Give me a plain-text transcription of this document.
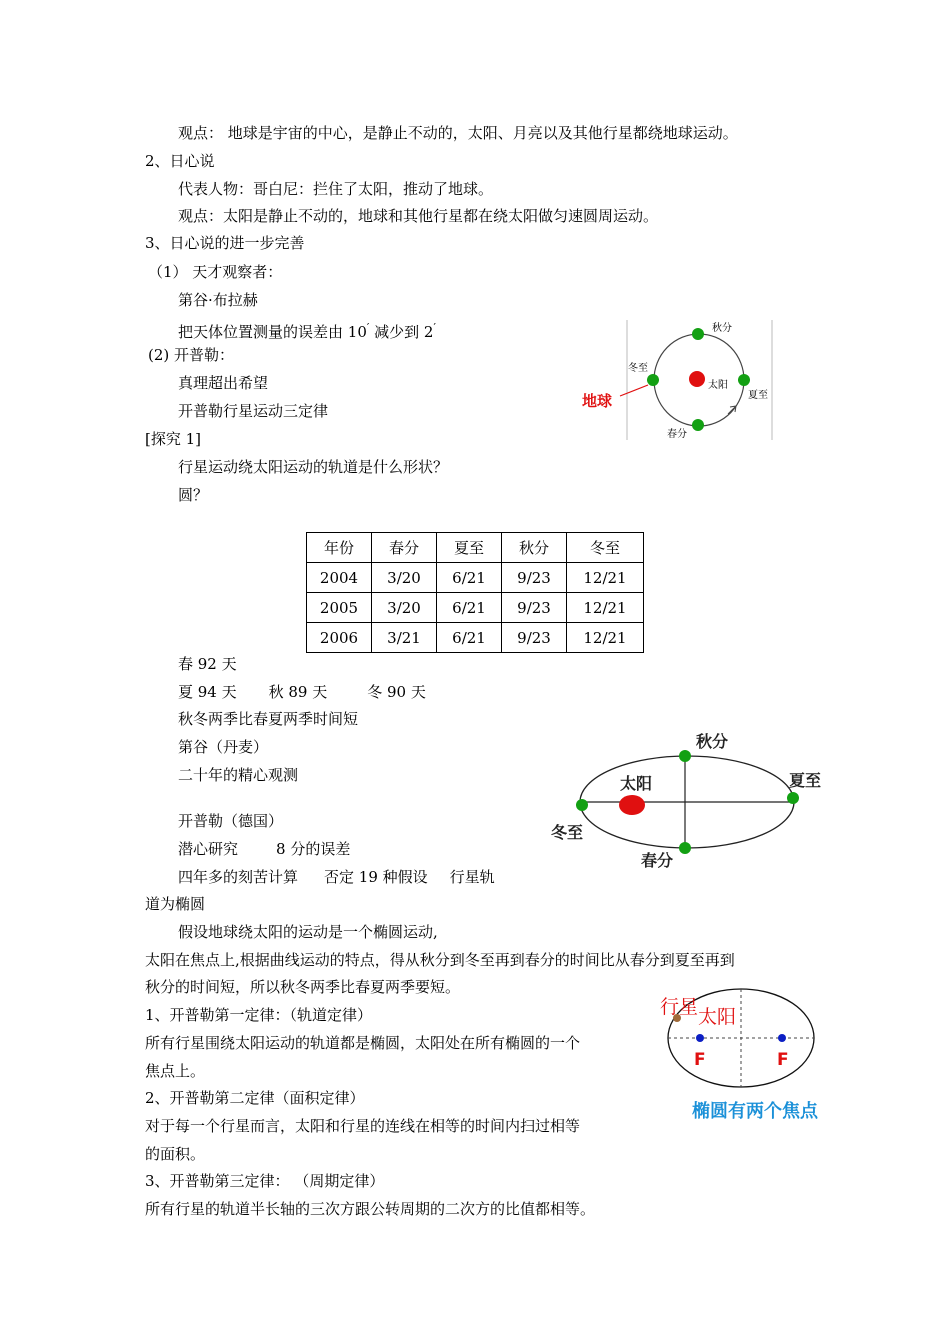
观点： 地球是宇宙的中心，是静止不动的，太阳、月亮以及其他行星都绕地球运动。
2、日心说
代表人物：哥白尼：拦住了太阳，推动了地球。
观点：太阳是静止不动的，地球和其他行星都在绕太阳做匀速圆周运动。
3、日心说的进一步完善
（1） 天才观察者：
第谷·布拉赫
把天体位置测量的误差由 10′ 减少到 2′
(2) 开普勒：
真理超出希望
开普勒行星运动三定律
[探究 1]
行星运动绕太阳运动的轨道是什么形状？
圆？
年份	春分	夏至	秋分	冬至
2004	3/20	6/21	9/23	12/21
2005	3/20	6/21	9/23	12/21
2006	3/21	6/21	9/23	12/21
春 92 天
夏 94 天 秋 89 天	冬 90 天
秋冬两季比春夏两季时间短
第谷（丹麦）
二十年的精心观测
开普勒（德国）
潜心研究	8 分的误差
四年多的刻苦计算 否定 19 种假设 行星轨
道为椭圆
假设地球绕太阳的运动是一个椭圆运动,
太阳在焦点上,根据曲线运动的特点，得从秋分到冬至再到春分的时间比从春分到夏至再到
秋分的时间短，所以秋冬两季比春夏两季要短。
1、开普勒第一定律：（轨道定律）
所有行星围绕太阳运动的轨道都是椭圆，太阳处在所有椭圆的一个
焦点上。
2、开普勒第二定律（面积定律）
对于每一个行星而言，太阳和行星的连线在相等的时间内扫过相等
的面积。
3、开普勒第三定律： （周期定律）
所有行星的轨道半长轴的三次方跟公转周期的二次方的比值都相等。
秋分
冬至
太阳
夏至
春分
地球
秋分
太阳	夏至
冬至
春分
行星 太阳
F	F
椭圆有两个焦点
